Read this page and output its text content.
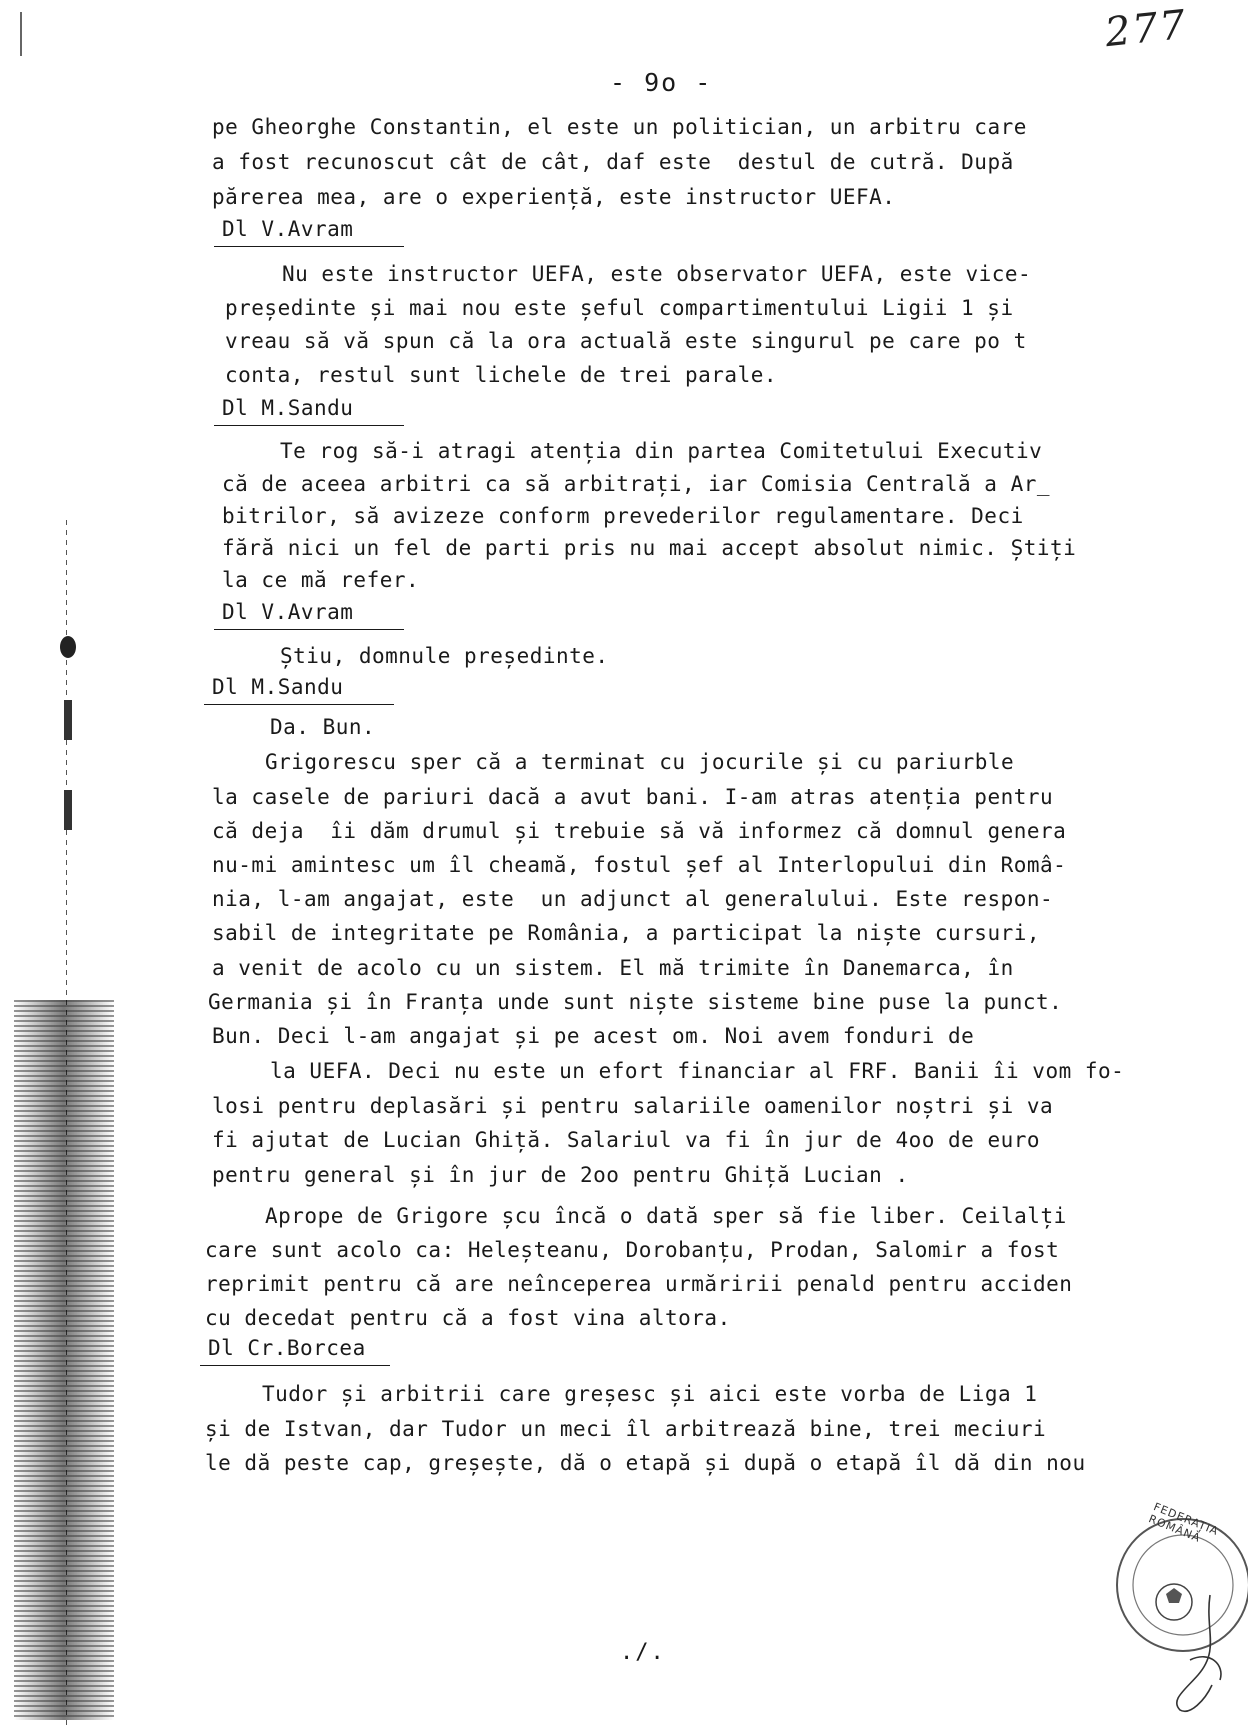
277
- 9o -
pe Gheorghe Constantin, el este un politician, un arbitru care
a fost recunoscut cât de cât, daf este  destul de cutră. După
părerea mea, are o experiență, este instructor UEFA.
Dl V.Avram
Nu este instructor UEFA, este observator UEFA, este vice-
președinte și mai nou este șeful compartimentului Ligii 1 și
vreau să vă spun că la ora actuală este singurul pe care po t
conta, restul sunt lichele de trei parale.
Dl M.Sandu
Te rog să-i atragi atenția din partea Comitetului Executiv
că de aceea arbitri ca să arbitrați, iar Comisia Centrală a Ar_
bitrilor, să avizeze conform prevederilor regulamentare. Deci
fără nici un fel de parti pris nu mai accept absolut nimic. Știți
la ce mă refer.
Dl V.Avram
Știu, domnule președinte.
Dl M.Sandu
Da. Bun.
Grigorescu sper că a terminat cu jocurile și cu pariurble
la casele de pariuri dacă a avut bani. I-am atras atenția pentru
că deja  îi dăm drumul și trebuie să vă informez că domnul genera
nu-mi amintesc um îl cheamă, fostul șef al Interlopului din Româ-
nia, l-am angajat, este  un adjunct al generalului. Este respon-
sabil de integritate pe România, a participat la niște cursuri,
a venit de acolo cu un sistem. El mă trimite în Danemarca, în
Germania și în Franța unde sunt niște sisteme bine puse la punct.
Bun. Deci l-am angajat și pe acest om. Noi avem fonduri de
la UEFA. Deci nu este un efort financiar al FRF. Banii îi vom fo-
losi pentru deplasări și pentru salariile oamenilor noștri și va
fi ajutat de Lucian Ghiță. Salariul va fi în jur de 4oo de euro
pentru general și în jur de 2oo pentru Ghiță Lucian .
Aprope de Grigore șcu încă o dată sper să fie liber. Ceilalți
care sunt acolo ca: Heleșteanu, Dorobanțu, Prodan, Salomir a fost
reprimit pentru că are neînceperea urmăririi penald pentru acciden
cu decedat pentru că a fost vina altora.
Dl Cr.Borcea
Tudor și arbitrii care greșesc și aici este vorba de Liga 1
și de Istvan, dar Tudor un meci îl arbitrează bine, trei meciuri
le dă peste cap, greșește, dă o etapă și după o etapă îl dă din nou
FEDERAȚIA ROMÂNĂ
./.
